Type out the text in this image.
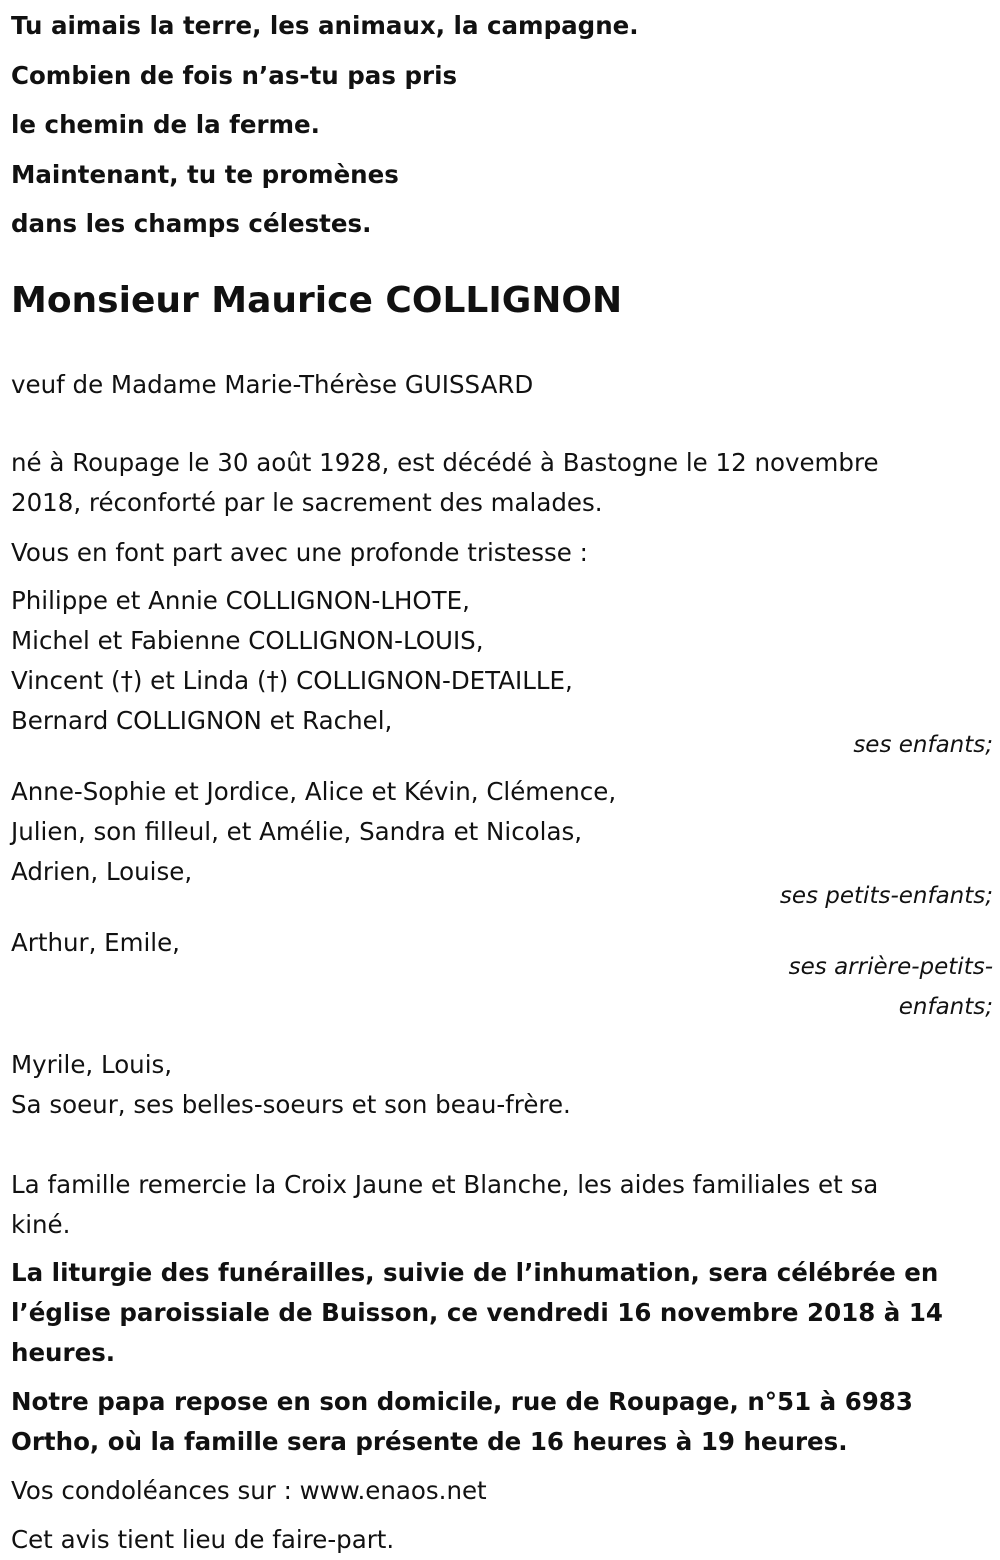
Tu aimais la terre, les animaux, la campagne.
Combien de fois n’as-tu pas pris
le chemin de la ferme.
Maintenant, tu te promènes
dans les champs célestes.
Monsieur Maurice COLLIGNON
veuf de Madame Marie-Thérèse GUISSARD
né à Roupage le 30 août 1928, est décédé à Bastogne le 12 novembre
2018, réconforté par le sacrement des malades.
Vous en font part avec une profonde tristesse :
Philippe et Annie COLLIGNON-LHOTE,
Michel et Fabienne COLLIGNON-LOUIS,
Vincent (†) et Linda (†) COLLIGNON-DETAILLE,
Bernard COLLIGNON et Rachel,
ses enfants;
Anne-Sophie et Jordice, Alice et Kévin, Clémence,
Julien, son filleul, et Amélie, Sandra et Nicolas,
Adrien, Louise,
ses petits-enfants;
Arthur, Emile,
ses arrière-petits-
enfants;
Myrile, Louis,
Sa soeur, ses belles-soeurs et son beau-frère.
La famille remercie la Croix Jaune et Blanche, les aides familiales et sa
kiné.
La liturgie des funérailles, suivie de l’inhumation, sera célébrée en
l’église paroissiale de Buisson, ce vendredi 16 novembre 2018 à 14
heures.
Notre papa repose en son domicile, rue de Roupage, n°51 à 6983
Ortho, où la famille sera présente de 16 heures à 19 heures.
Vos condoléances sur : www.enaos.net
Cet avis tient lieu de faire-part.
